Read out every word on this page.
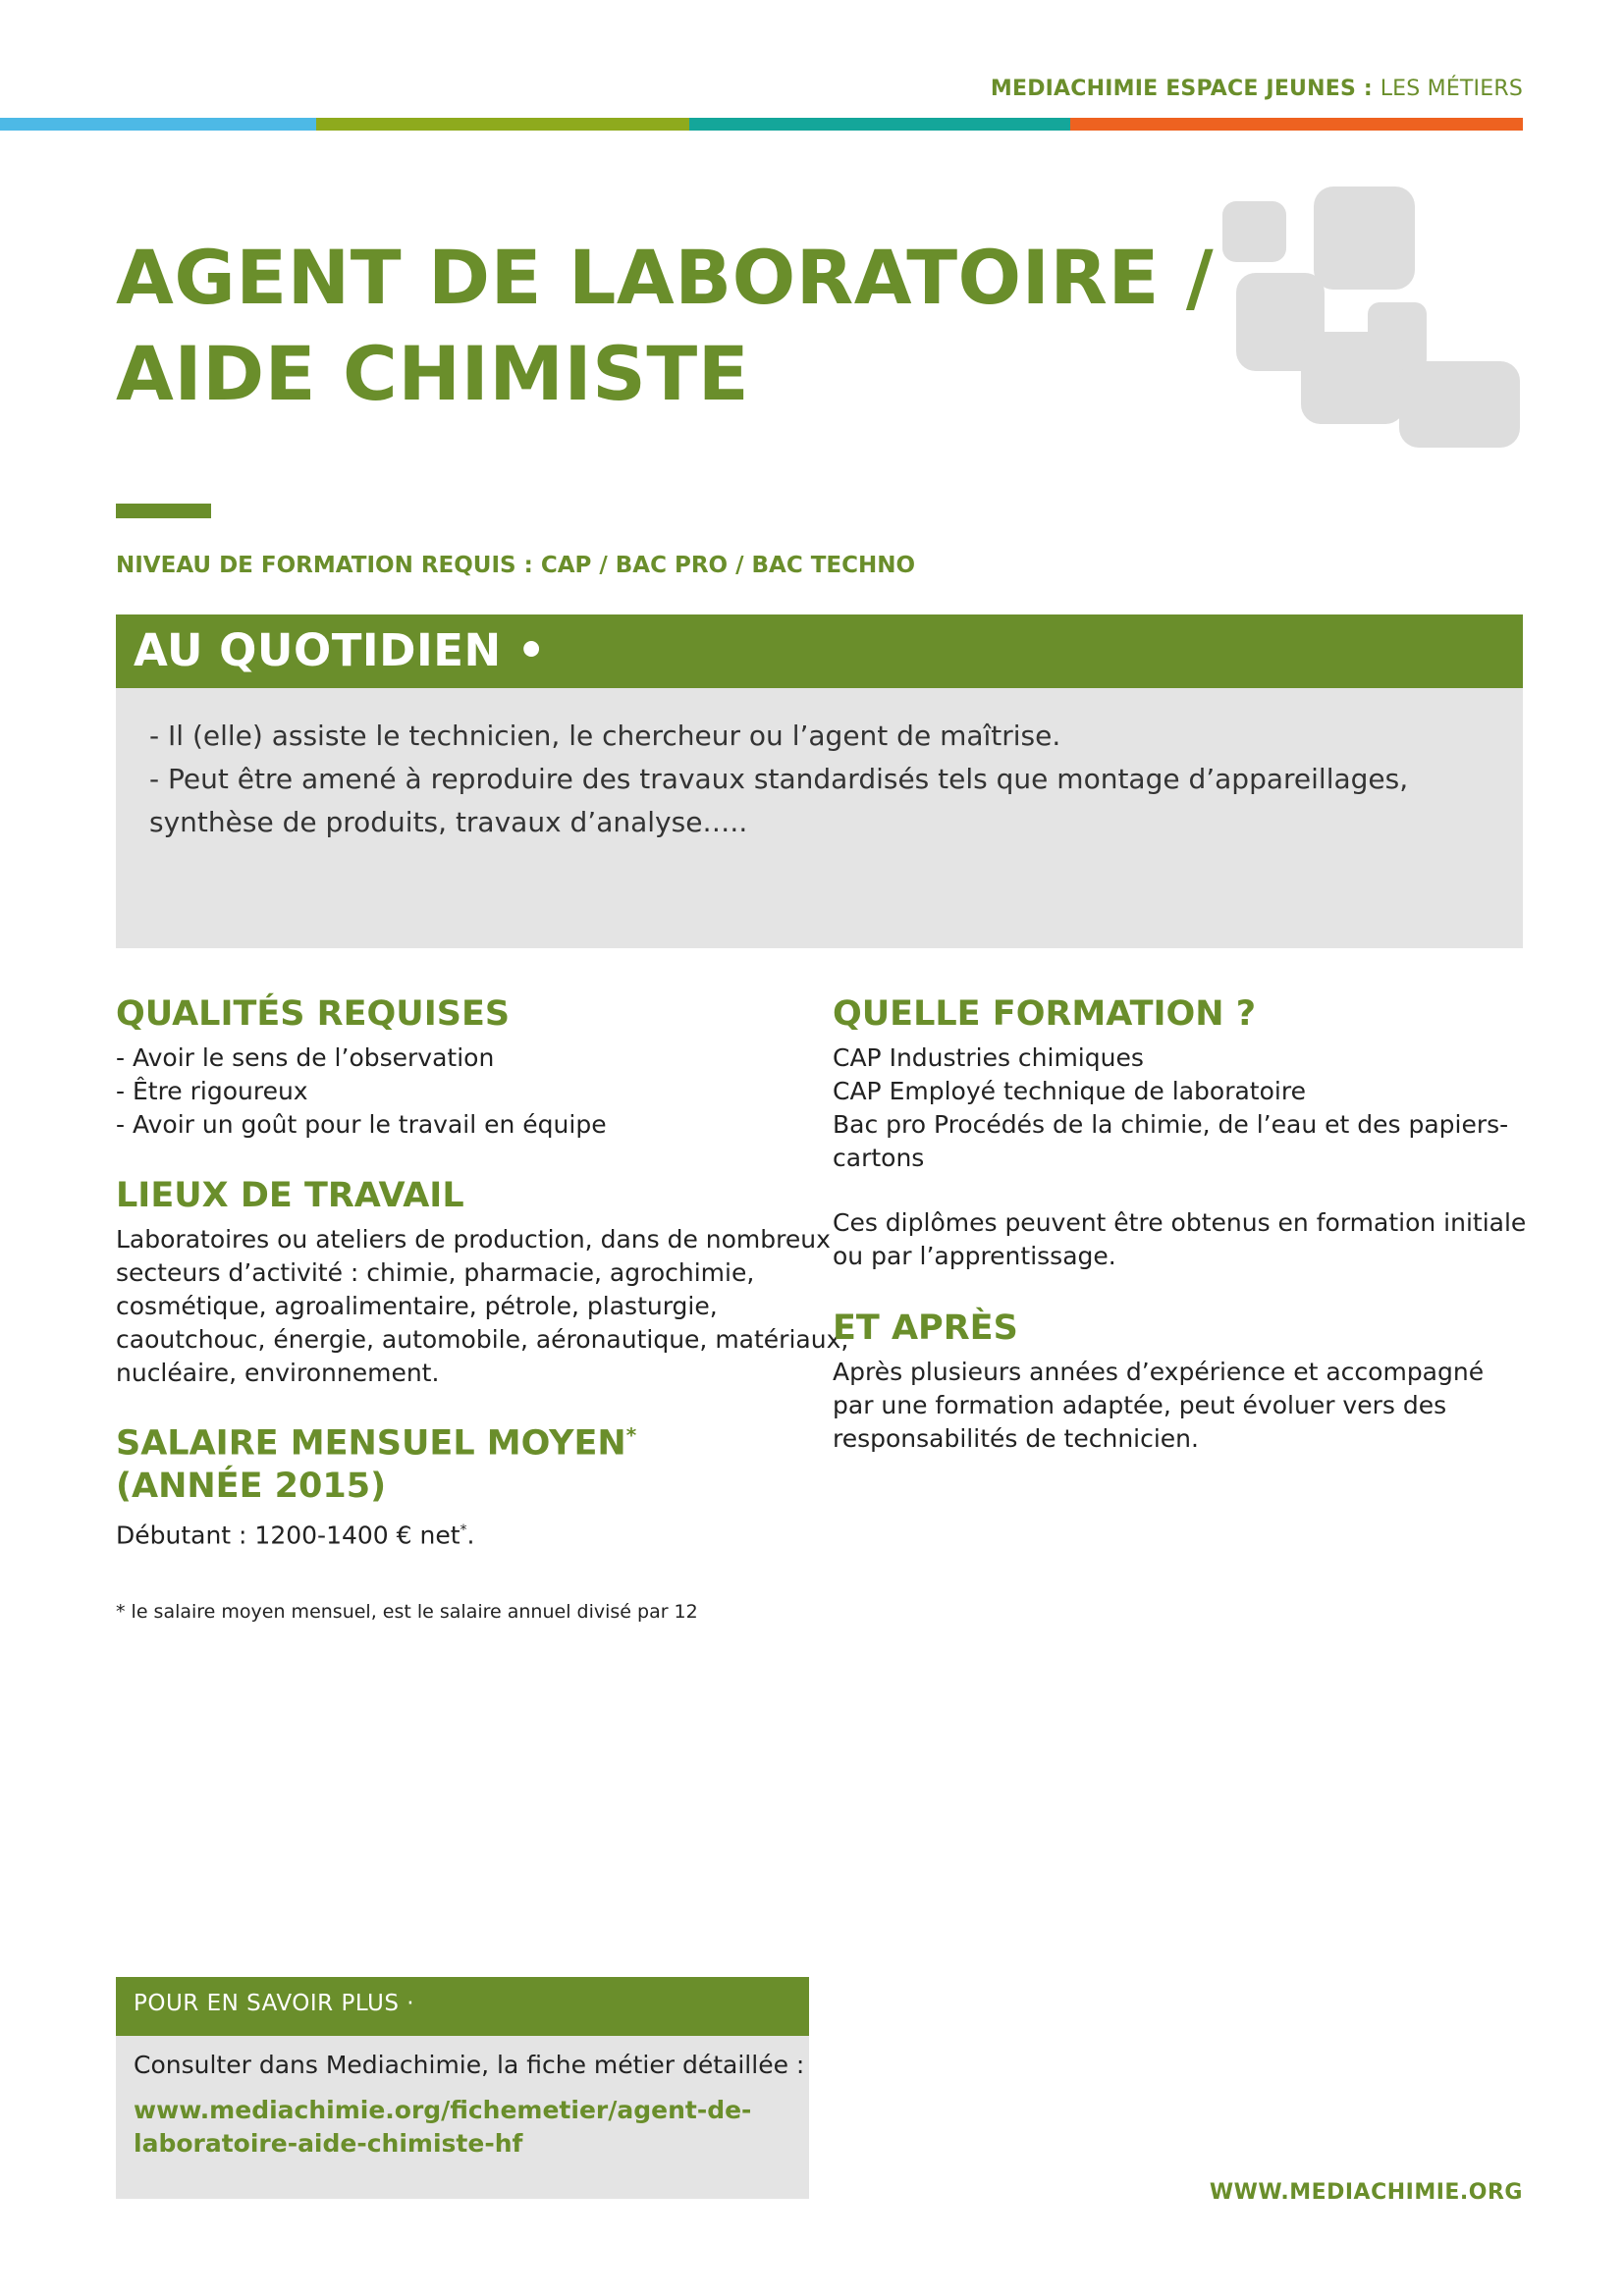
MEDIACHIMIE ESPACE JEUNES : LES MÉTIERS
AGENT DE LABORATOIRE /
AIDE CHIMISTE
NIVEAU DE FORMATION REQUIS : CAP / BAC PRO / BAC TECHNO
AU QUOTIDIEN •
- Il (elle) assiste le technicien, le chercheur ou l’agent de maîtrise.
- Peut être amené à reproduire des travaux standardisés tels que montage d’appareillages,
synthèse de produits, travaux d’analyse…..
QUALITÉS REQUISES
- Avoir le sens de l’observation
- Être rigoureux
- Avoir un goût pour le travail en équipe
LIEUX DE TRAVAIL
Laboratoires ou ateliers de production, dans de nombreux
secteurs d’activité : chimie, pharmacie, agrochimie,
cosmétique, agroalimentaire, pétrole, plasturgie,
caoutchouc, énergie, automobile, aéronautique, matériaux,
nucléaire, environnement.
SALAIRE MENSUEL MOYEN*
(ANNÉE 2015)
Débutant : 1200-1400 € net*.
* le salaire moyen mensuel, est le salaire annuel divisé par 12
QUELLE FORMATION ?
CAP Industries chimiques
CAP Employé technique de laboratoire
Bac pro Procédés de la chimie, de l’eau et des papiers-
cartons
Ces diplômes peuvent être obtenus en formation initiale
ou par l’apprentissage.
ET APRÈS
Après plusieurs années d’expérience et accompagné
par une formation adaptée, peut évoluer vers des
responsabilités de technicien.
POUR EN SAVOIR PLUS ·
Consulter dans Mediachimie, la fiche métier détaillée :
www.mediachimie.org/fichemetier/agent-de-
laboratoire-aide-chimiste-hf
WWW.MEDIACHIMIE.ORG
